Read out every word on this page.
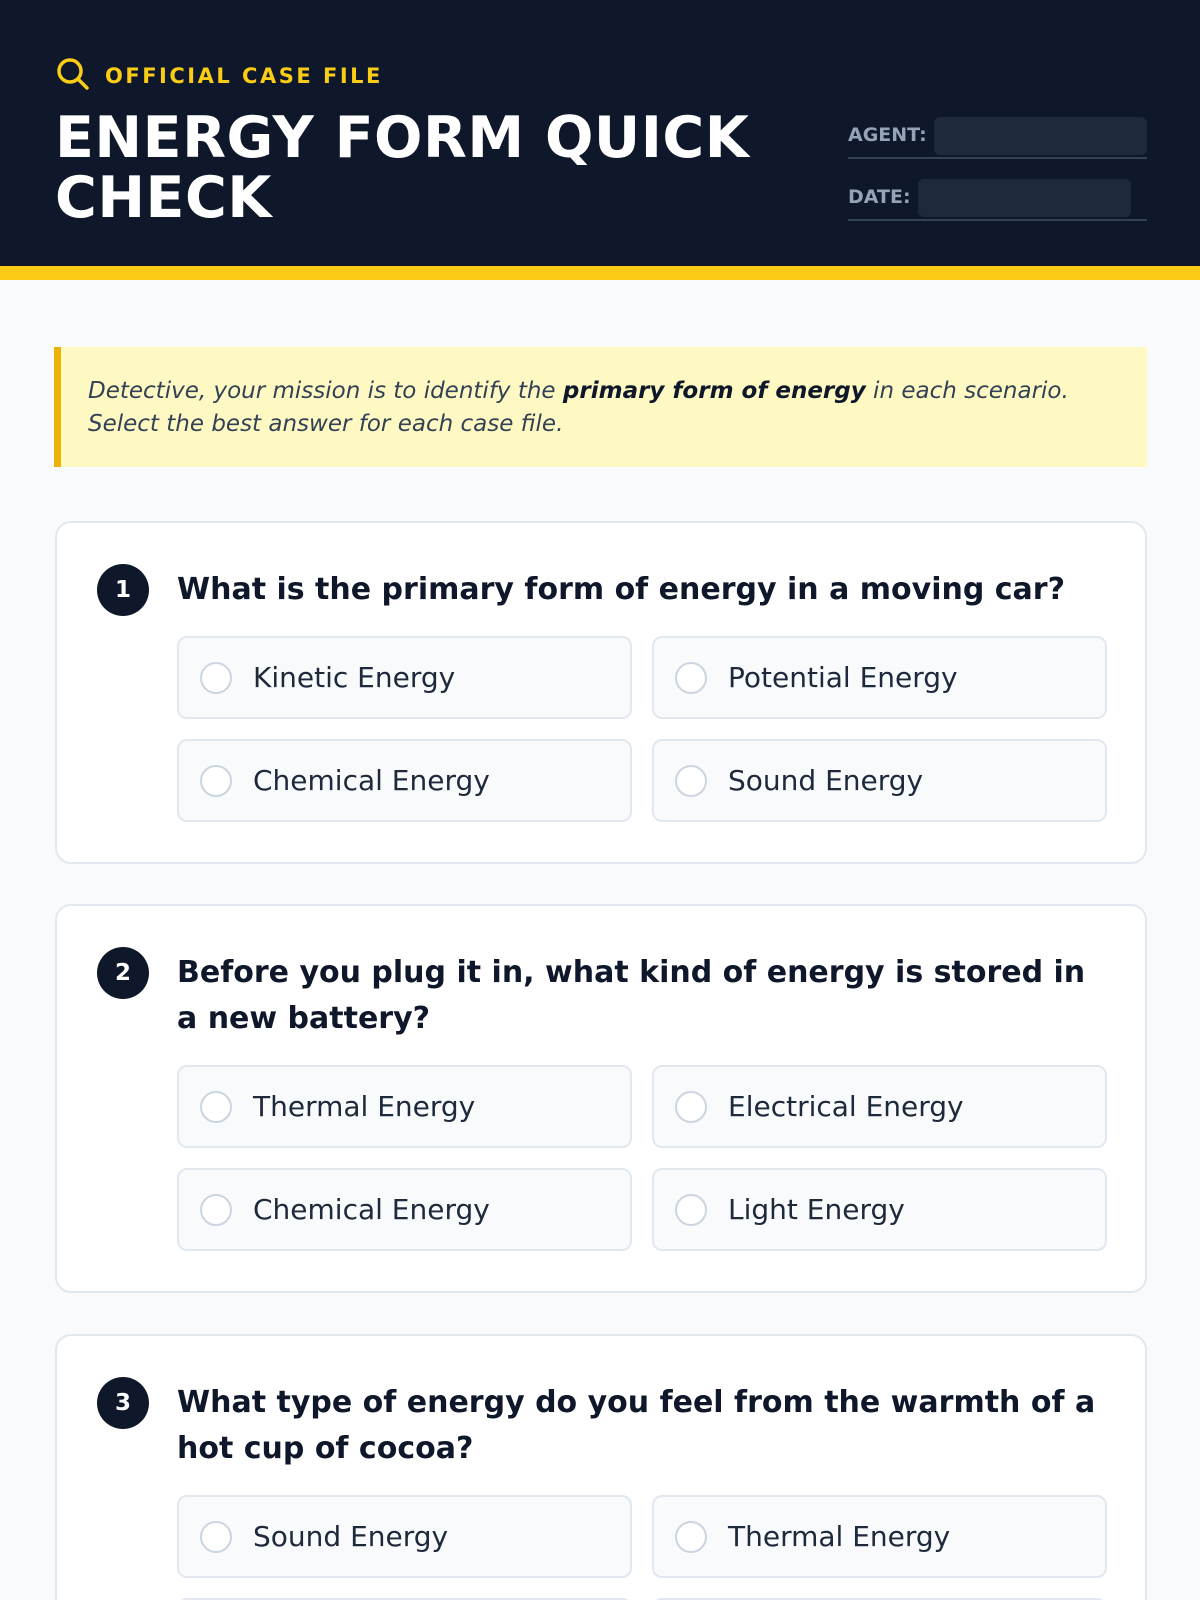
OFFICIAL CASE FILE
ENERGY FORM QUICK CHECK
AGENT:
DATE:
Detective, your mission is to identify the primary form of energy in each scenario. Select the best answer for each case file.
1	What is the primary form of energy in a moving car?
Kinetic Energy	Potential Energy
Chemical Energy	Sound Energy
2	Before you plug it in, what kind of energy is stored in a new battery?
Thermal Energy	Electrical Energy
Chemical Energy	Light Energy
3	What type of energy do you feel from the warmth of a hot cup of cocoa?
Sound Energy	Thermal Energy
